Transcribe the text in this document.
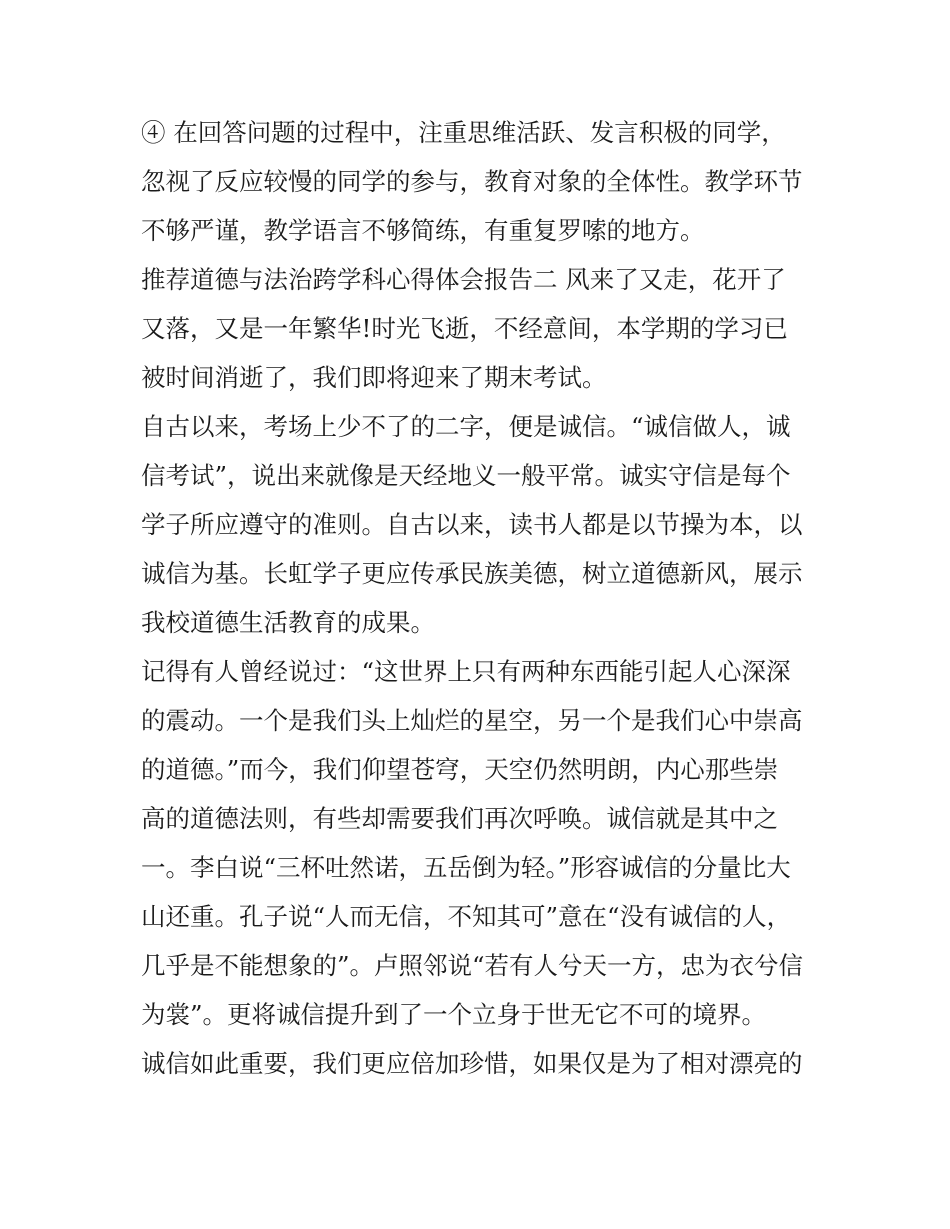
④ 在回答问题的过程中，注重思维活跃、发言积极的同学，
忽视了反应较慢的同学的参与，教育对象的全体性。教学环节
不够严谨，教学语言不够简练，有重复罗嗦的地方。
推荐道德与法治跨学科心得体会报告二 风来了又走，花开了
又落，又是一年繁华!时光飞逝，不经意间，本学期的学习已
被时间消逝了，我们即将迎来了期末考试。
自古以来，考场上少不了的二字，便是诚信。“诚信做人，诚
信考试”，说出来就像是天经地义一般平常。诚实守信是每个
学子所应遵守的准则。自古以来，读书人都是以节操为本，以
诚信为基。长虹学子更应传承民族美德，树立道德新风，展示
我校道德生活教育的成果。
记得有人曾经说过：“这世界上只有两种东西能引起人心深深
的震动。一个是我们头上灿烂的星空，另一个是我们心中崇高
的道德。”而今，我们仰望苍穹，天空仍然明朗，内心那些崇
高的道德法则，有些却需要我们再次呼唤。诚信就是其中之
一。李白说“三杯吐然诺，五岳倒为轻。”形容诚信的分量比大
山还重。孔子说“人而无信，不知其可”意在“没有诚信的人，
几乎是不能想象的”。卢照邻说“若有人兮天一方，忠为衣兮信
为裳”。更将诚信提升到了一个立身于世无它不可的境界。
诚信如此重要，我们更应倍加珍惜，如果仅是为了相对漂亮的
